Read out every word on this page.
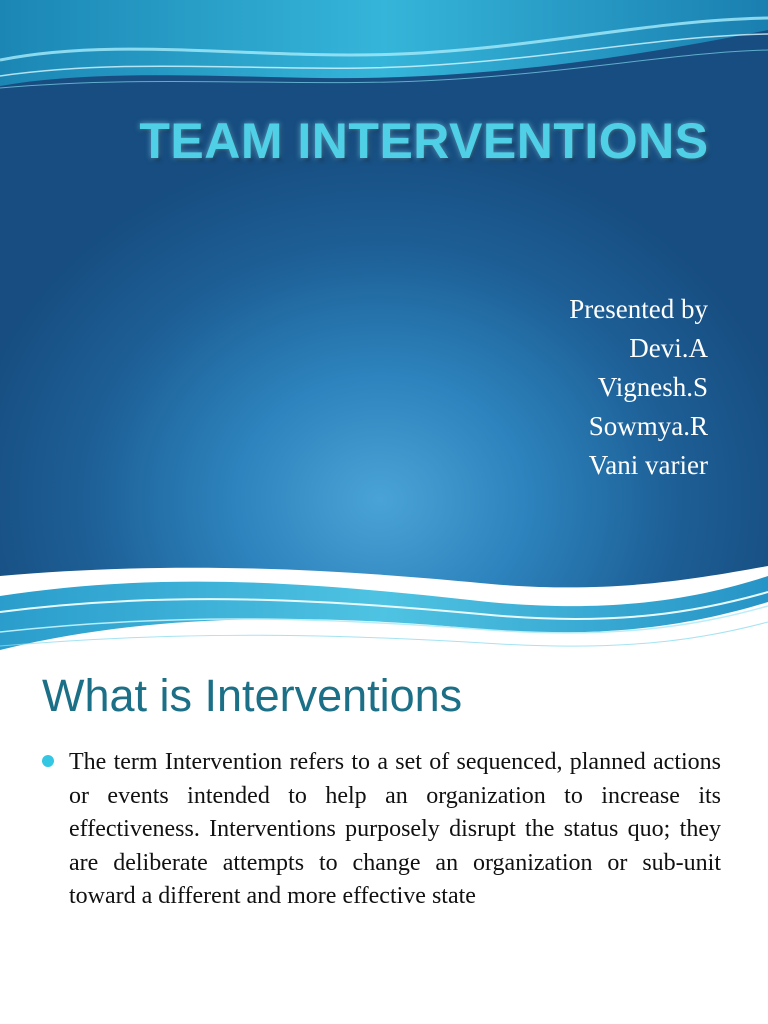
TEAM INTERVENTIONS
Presented by
Devi.A
Vignesh.S
Sowmya.R
Vani varier
What is Interventions
The term Intervention refers to a set of sequenced, planned actions or events intended to help an organization to increase its effectiveness. Interventions purposely disrupt the status quo; they are deliberate attempts to change an organization or sub-unit toward a different and more effective state
